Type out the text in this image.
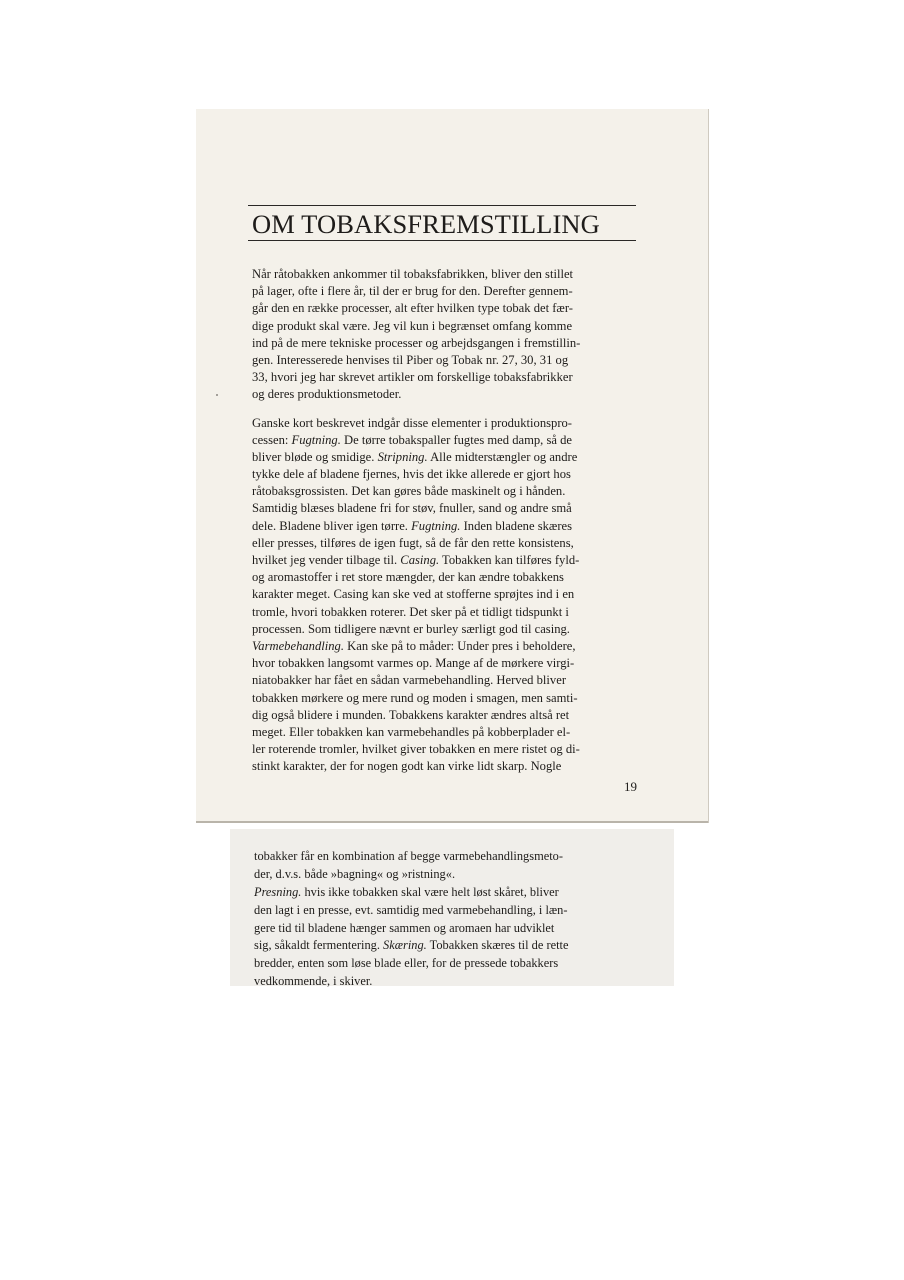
OM TOBAKSFREMSTILLING
Når råtobakken ankommer til tobaksfabrikken, bliver den stillet
på lager, ofte i flere år, til der er brug for den. Derefter gennem-
går den en række processer, alt efter hvilken type tobak det fær-
dige produkt skal være. Jeg vil kun i begrænset omfang komme
ind på de mere tekniske processer og arbejdsgangen i fremstillin-
gen. Interesserede henvises til Piber og Tobak nr. 27, 30, 31 og
33, hvori jeg har skrevet artikler om forskellige tobaksfabrikker
og deres produktionsmetoder.
Ganske kort beskrevet indgår disse elementer i produktionspro-
cessen: Fugtning. De tørre tobakspaller fugtes med damp, så de
bliver bløde og smidige. Stripning. Alle midterstængler og andre
tykke dele af bladene fjernes, hvis det ikke allerede er gjort hos
råtobaksgrossisten. Det kan gøres både maskinelt og i hånden.
Samtidig blæses bladene fri for støv, fnuller, sand og andre små
dele. Bladene bliver igen tørre. Fugtning. Inden bladene skæres
eller presses, tilføres de igen fugt, så de får den rette konsistens,
hvilket jeg vender tilbage til. Casing. Tobakken kan tilføres fyld-
og aromastoffer i ret store mængder, der kan ændre tobakkens
karakter meget. Casing kan ske ved at stofferne sprøjtes ind i en
tromle, hvori tobakken roterer. Det sker på et tidligt tidspunkt i
processen. Som tidligere nævnt er burley særligt god til casing.
Varmebehandling. Kan ske på to måder: Under pres i beholdere,
hvor tobakken langsomt varmes op. Mange af de mørkere virgi-
niatobakker har fået en sådan varmebehandling. Herved bliver
tobakken mørkere og mere rund og moden i smagen, men samti-
dig også blidere i munden. Tobakkens karakter ændres altså ret
meget. Eller tobakken kan varmebehandles på kobberplader el-
ler roterende tromler, hvilket giver tobakken en mere ristet og di-
stinkt karakter, der for nogen godt kan virke lidt skarp. Nogle
19
tobakker får en kombination af begge varmebehandlingsmeto-
der, d.v.s. både »bagning« og »ristning«.
Presning. hvis ikke tobakken skal være helt løst skåret, bliver
den lagt i en presse, evt. samtidig med varmebehandling, i læn-
gere tid til bladene hænger sammen og aromaen har udviklet
sig, såkaldt fermentering. Skæring. Tobakken skæres til de rette
bredder, enten som løse blade eller, for de pressede tobakkers
vedkommende, i skiver.
